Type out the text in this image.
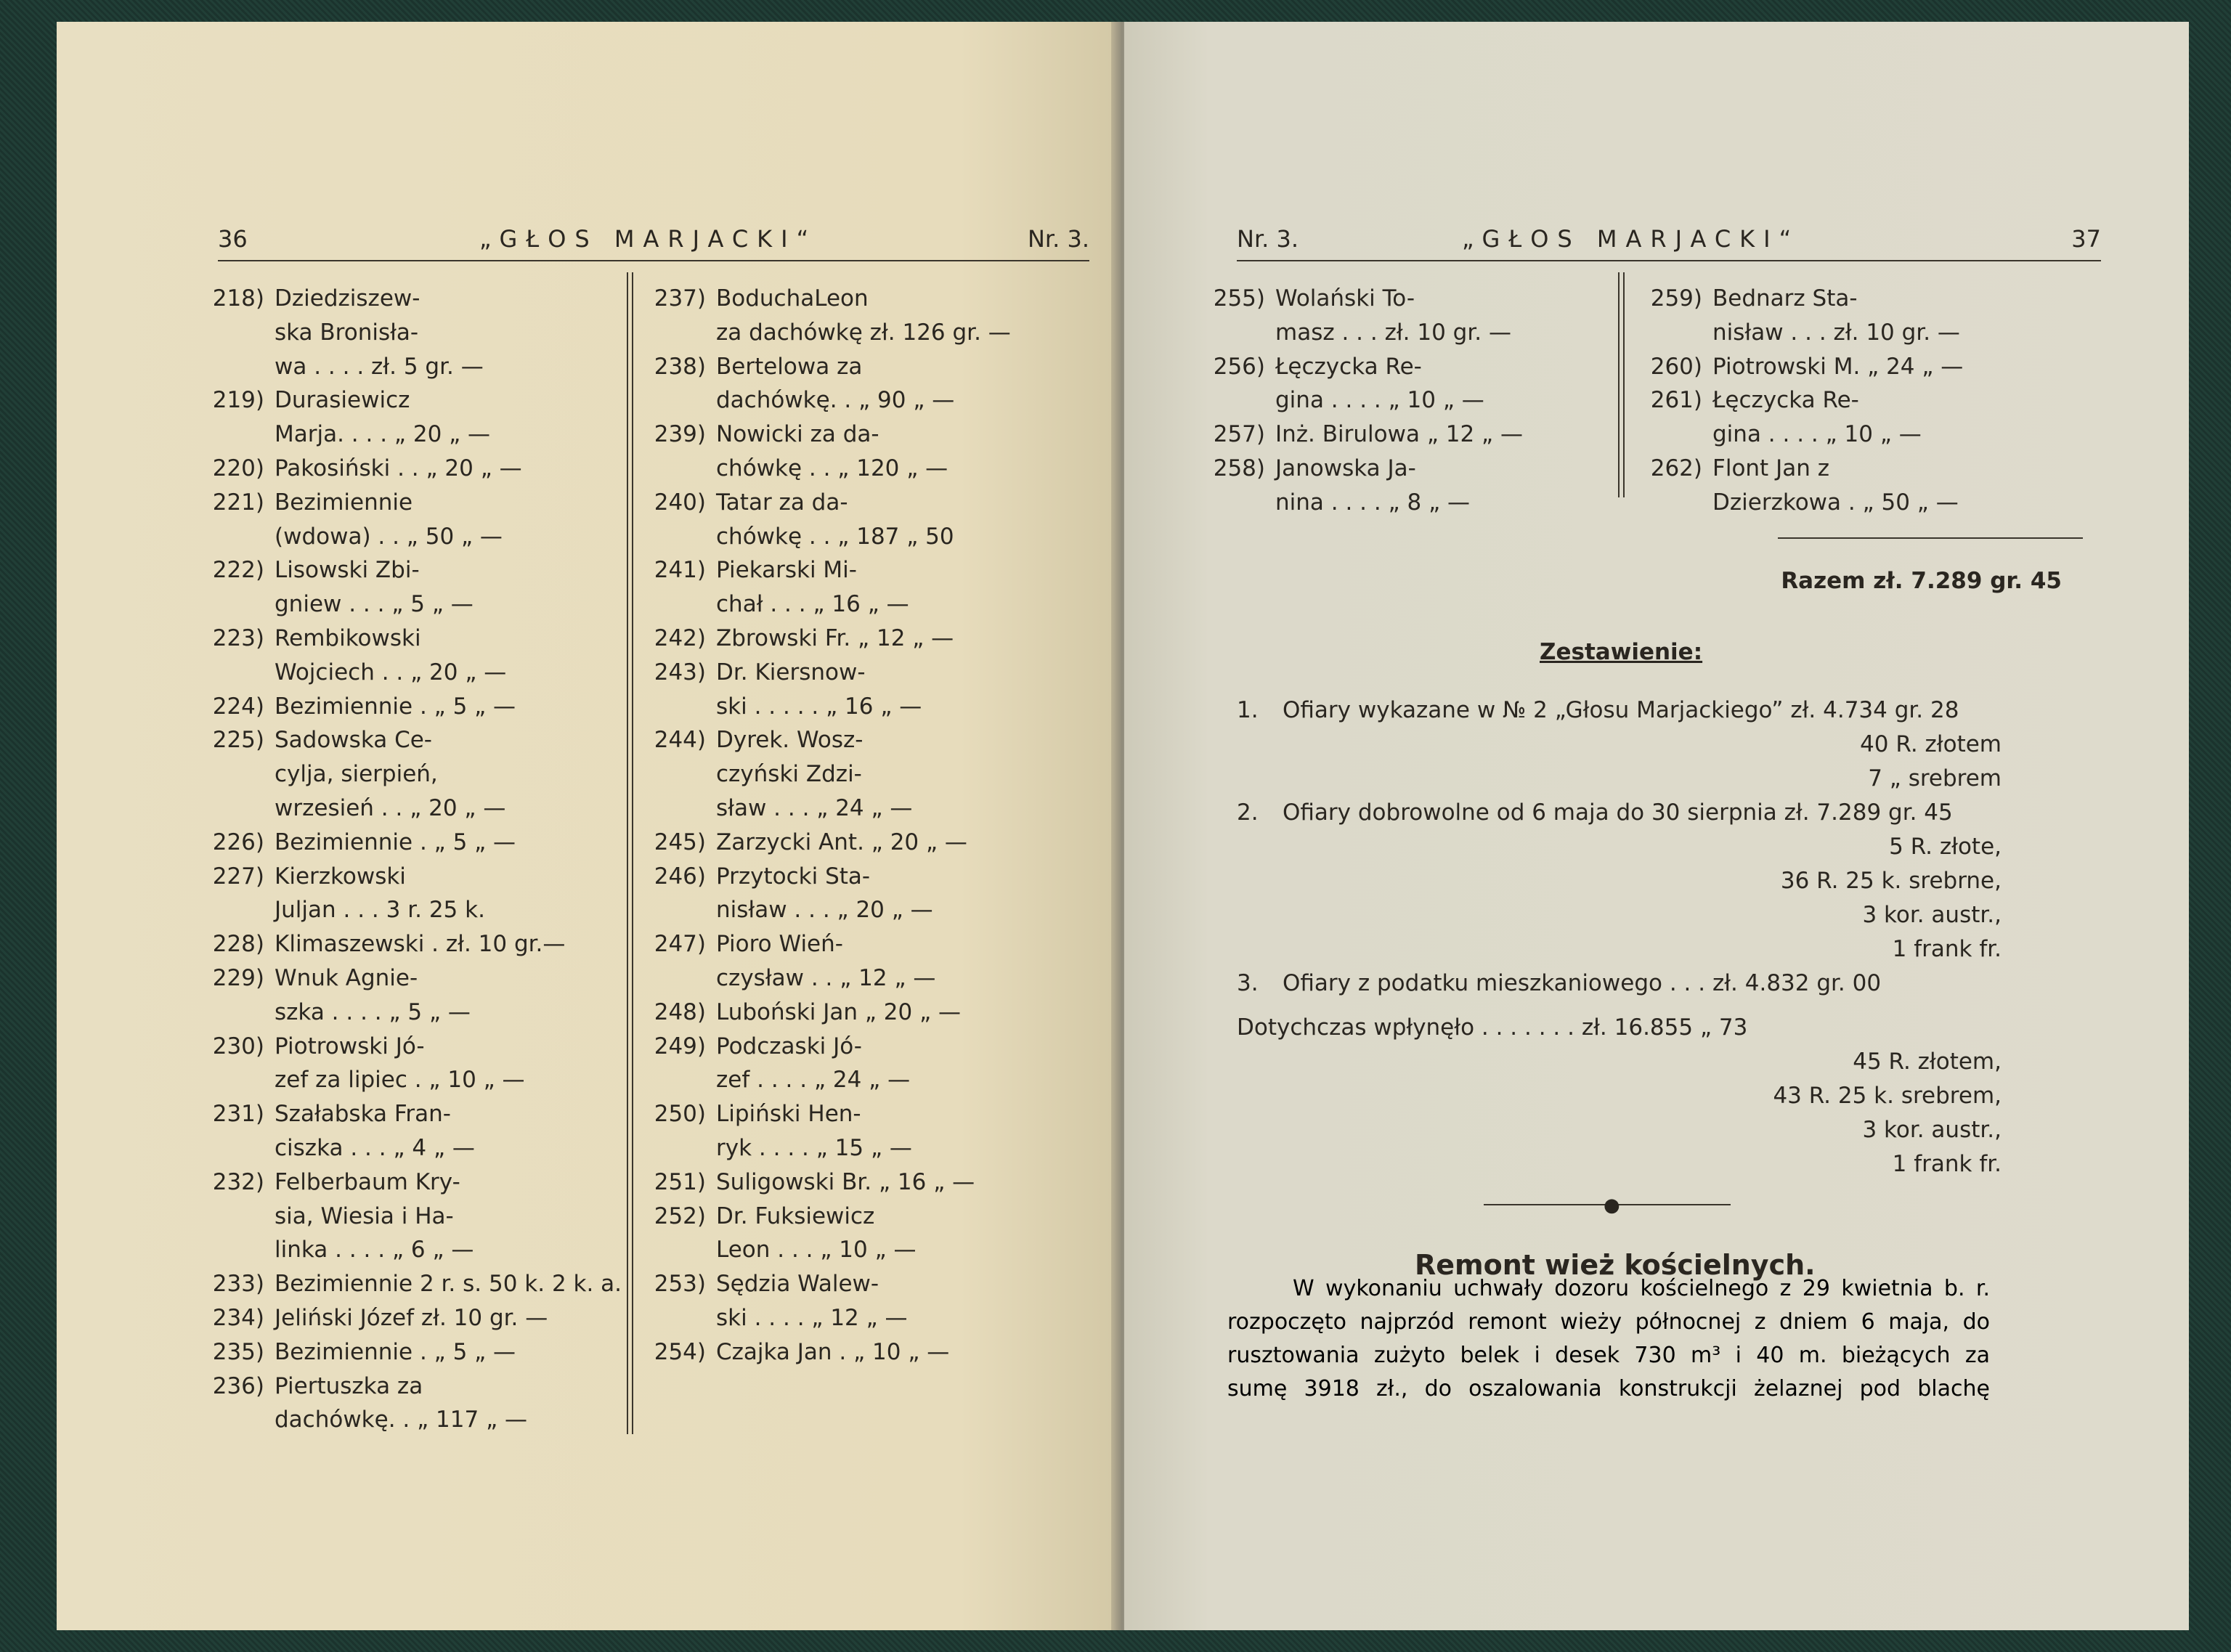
36	„GŁOS MARJACKI“	Nr. 3.
218) Dziedziszew-
ska Bronisła-
wa . . . . zł. 5 gr. —
219) Durasiewicz
Marja. . . . „ 20 „ —
220) Pakosiński . . „ 20 „ —
221) Bezimiennie
(wdowa) . . „ 50 „ —
222) Lisowski Zbi-
gniew . . . „ 5 „ —
223) Rembikowski
Wojciech . . „ 20 „ —
224) Bezimiennie . „ 5 „ —
225) Sadowska Ce-
cylja, sierpień,
wrzesień . . „ 20 „ —
226) Bezimiennie . „ 5 „ —
227) Kierzkowski
Juljan . . . 3 r. 25 k.
228) Klimaszewski . zł. 10 gr.—
229) Wnuk Agnie-
szka . . . . „ 5 „ —
230) Piotrowski Jó-
zef za lipiec . „ 10 „ —
231) Szałabska Fran-
ciszka . . . „ 4 „ —
232) Felberbaum Kry-
sia, Wiesia i Ha-
linka . . . . „ 6 „ —
233) Bezimiennie 2 r. s. 50 k. 2 k. a.
234) Jeliński Józef zł. 10 gr. —
235) Bezimiennie . „ 5 „ —
236) Piertuszka za
dachówkę. . „ 117 „ —
237) BoduchaLeon
za dachówkę zł. 126 gr. —
238) Bertelowa za
dachówkę. . „ 90 „ —
239) Nowicki za da-
chówkę . . „ 120 „ —
240) Tatar za da-
chówkę . . „ 187 „ 50
241) Piekarski Mi-
chał . . . „ 16 „ —
242) Zbrowski Fr. „ 12 „ —
243) Dr. Kiersnow-
ski . . . . . „ 16 „ —
244) Dyrek. Wosz-
czyński Zdzi-
sław . . . „ 24 „ —
245) Zarzycki Ant. „ 20 „ —
246) Przytocki Sta-
nisław . . . „ 20 „ —
247) Pioro Wień-
czysław . . „ 12 „ —
248) Luboński Jan „ 20 „ —
249) Podczaski Jó-
zef . . . . „ 24 „ —
250) Lipiński Hen-
ryk . . . . „ 15 „ —
251) Suligowski Br. „ 16 „ —
252) Dr. Fuksiewicz
Leon . . . „ 10 „ —
253) Sędzia Walew-
ski . . . . „ 12 „ —
254) Czajka Jan . „ 10 „ —
Nr. 3.	„GŁOS MARJACKI“	37
255) Wolański To-
masz . . . zł. 10 gr. —
256) Łęczycka Re-
gina . . . . „ 10 „ —
257) Inż. Birulowa „ 12 „ —
258) Janowska Ja-
nina . . . . „ 8 „ —
259) Bednarz Sta-
nisław . . . zł. 10 gr. —
260) Piotrowski M. „ 24 „ —
261) Łęczycka Re-
gina . . . . „ 10 „ —
262) Flont Jan z
Dzierzkowa . „ 50 „ —
Razem zł. 7.289 gr. 45
Zestawienie:
●
Remont wież kościelnych.
1. Ofiary wykazane w № 2 „Głosu Marjackiego” zł. 4.734 gr. 28
40 R. złotem
7 „ srebrem
2. Ofiary dobrowolne od 6 maja do 30 sierpnia zł. 7.289 gr. 45
5 R. złote,
36 R. 25 k. srebrne,
3 kor. austr.,
1 frank fr.
3. Ofiary z podatku mieszkaniowego . . . zł. 4.832 gr. 00
Dotychczas wpłynęło . . . . . . . zł. 16.855 „ 73
45 R. złotem,
43 R. 25 k. srebrem,
3 kor. austr.,
1 frank fr.
W wykonaniu uchwały dozoru kościelnego z 29 kwietnia b. r.
rozpoczęto najprzód remont wieży północnej z dniem 6 maja, do
rusztowania zużyto belek i desek 730 m³ i 40 m. bieżących za
sumę 3918 zł., do oszalowania konstrukcji żelaznej pod blachę
